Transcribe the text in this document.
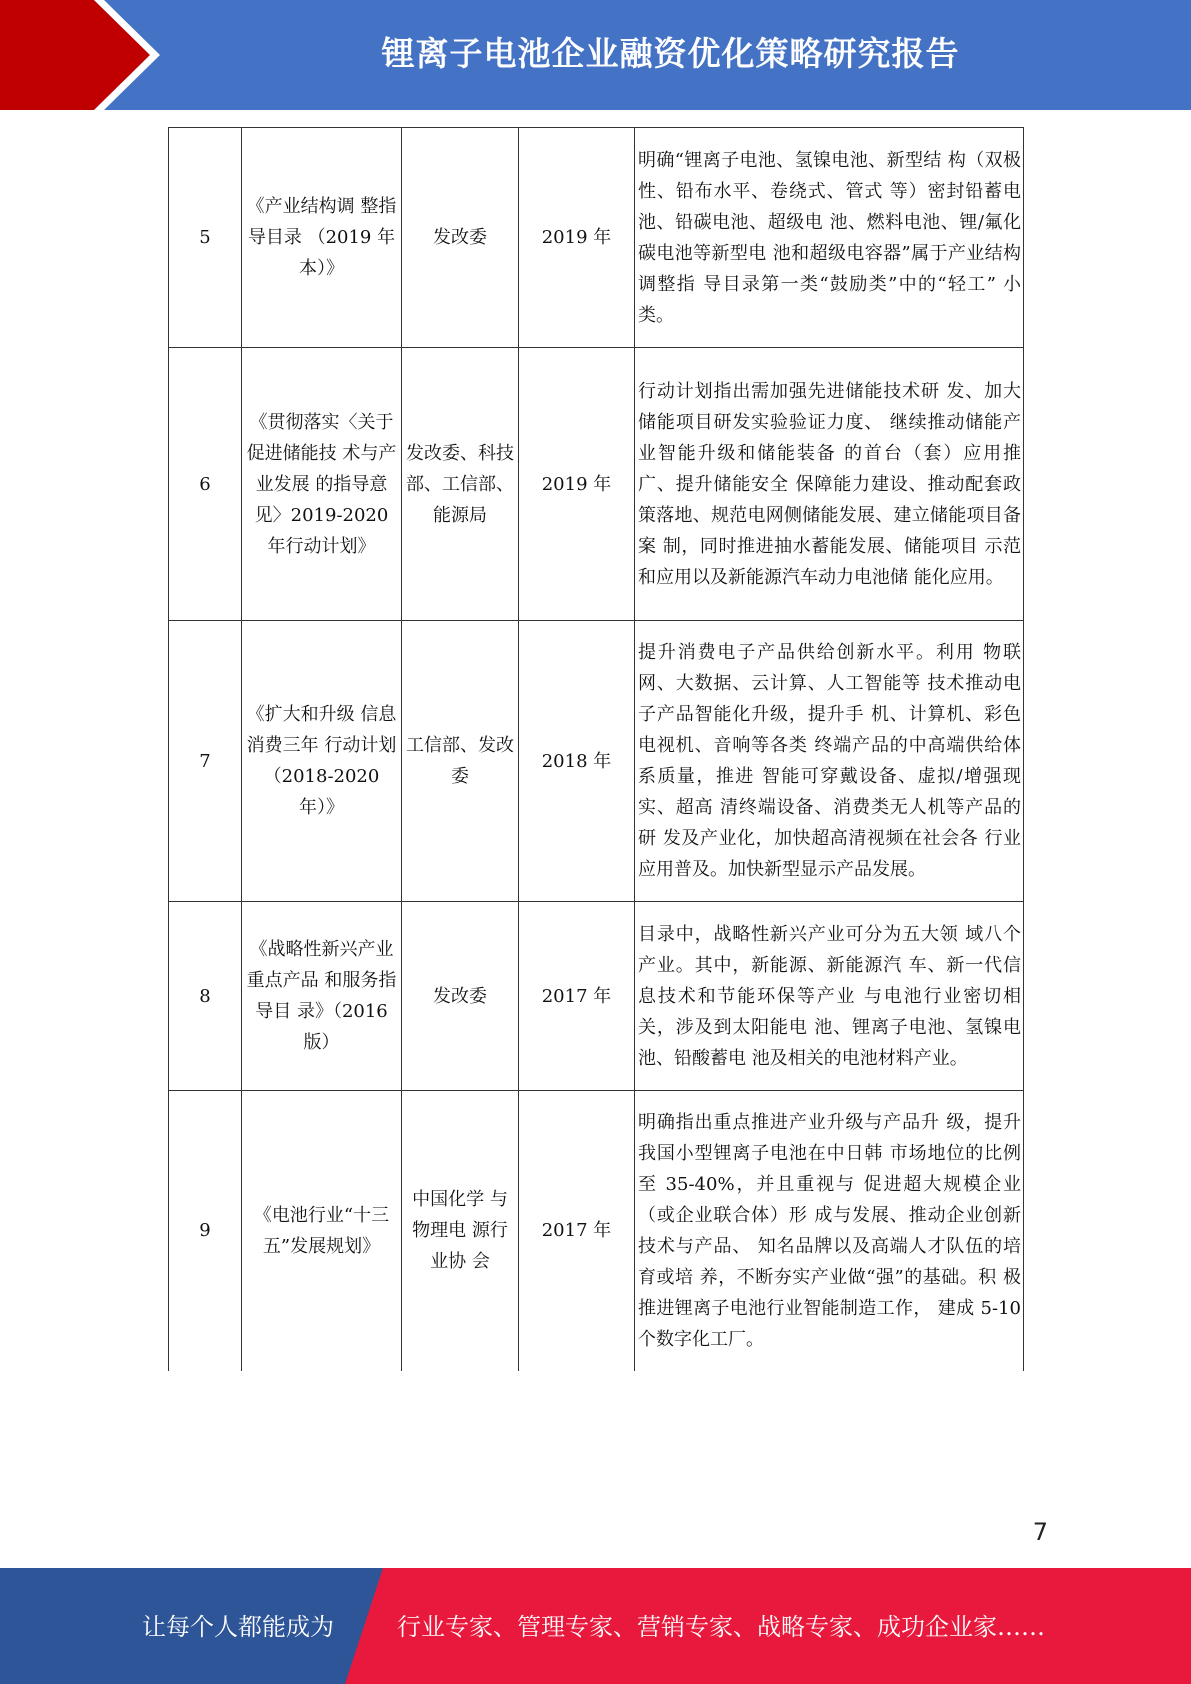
锂离子电池企业融资优化策略研究报告
5	《产业结构调 整指导目录 （2019 年本）》	发改委	2019 年	明确“锂离子电池、氢镍电池、新型结 构（双极性、铅布水平、卷绕式、管式 等）密封铅蓄电池、铅碳电池、超级电 池、燃料电池、锂/氟化碳电池等新型电 池和超级电容器”属于产业结构调整指 导目录第一类“鼓励类”中的“轻工” 小类。
6	《贯彻落实〈关于促进储能技 术与产业发展 的指导意见〉2019-2020 年行动计划》	发改委、科技部、工信部、能源局	2019 年	行动计划指出需加强先进储能技术研 发、加大储能项目研发实验验证力度、 继续推动储能产业智能升级和储能装备 的首台（套）应用推广、提升储能安全 保障能力建设、推动配套政策落地、规范电网侧储能发展、建立储能项目备案 制，同时推进抽水蓄能发展、储能项目 示范和应用以及新能源汽车动力电池储 能化应用。
7	《扩大和升级 信息消费三年 行动计划（2018-2020 年）》	工信部、发改委	2018 年	提升消费电子产品供给创新水平。利用 物联网、大数据、云计算、人工智能等 技术推动电子产品智能化升级，提升手 机、计算机、彩色电视机、音响等各类 终端产品的中高端供给体系质量，推进 智能可穿戴设备、虚拟/增强现实、超高 清终端设备、消费类无人机等产品的研 发及产业化，加快超高清视频在社会各 行业应用普及。加快新型显示产品发展。
8	《战略性新兴产业重点产品 和服务指导目 录》（2016 版）	发改委	2017 年	目录中，战略性新兴产业可分为五大领 域八个产业。其中，新能源、新能源汽 车、新一代信息技术和节能环保等产业 与电池行业密切相关，涉及到太阳能电 池、锂离子电池、氢镍电池、铅酸蓄电 池及相关的电池材料产业。
9	《电池行业“十三五”发展规划》	中国化学 与物理电 源行业协 会	2017 年	明确指出重点推进产业升级与产品升 级，提升我国小型锂离子电池在中日韩 市场地位的比例至 35-40%，并且重视与 促进超大规模企业（或企业联合体）形 成与发展、推动企业创新技术与产品、 知名品牌以及高端人才队伍的培育或培 养，不断夯实产业做“强”的基础。积 极推进锂离子电池行业智能制造工作， 建成 5-10 个数字化工厂。
7
让每个人都能成为	行业专家、管理专家、营销专家、战略专家、成功企业家……
